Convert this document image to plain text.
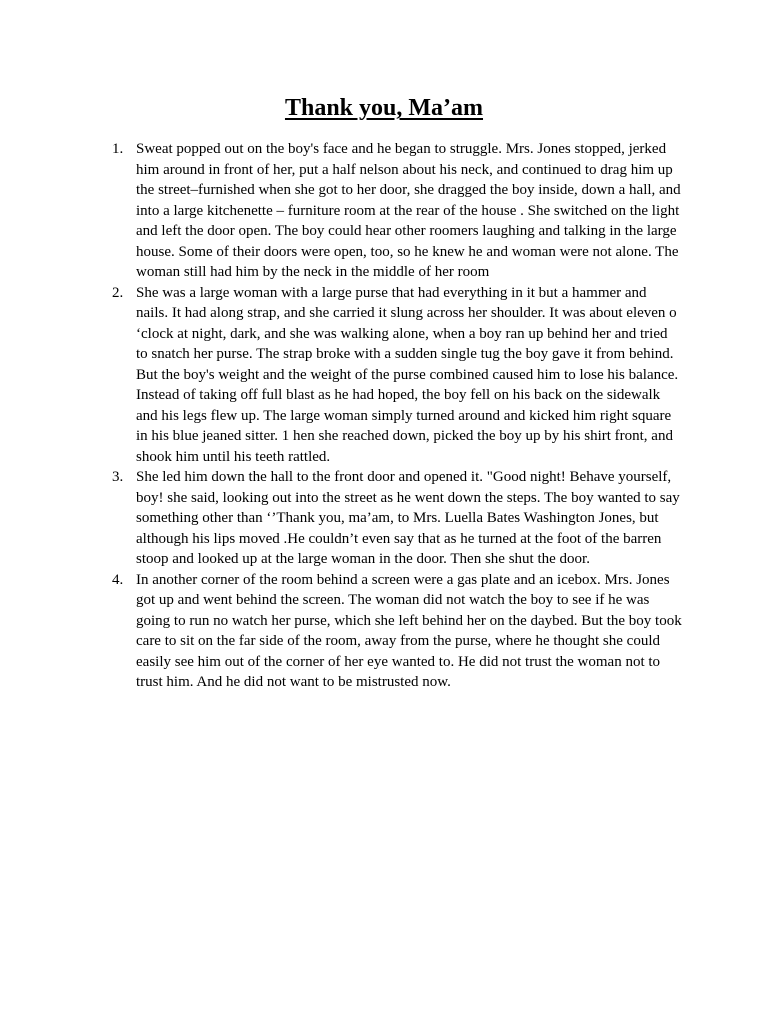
Thank you, Ma’am
1. Sweat popped out on the boy's face and he began to struggle. Mrs. Jones stopped, jerked him around in front of her, put a half nelson about his neck, and continued to drag him up the street–furnished when she got to her door, she dragged the boy inside, down a hall, and into a large kitchenette – furniture room at the rear of the house . She switched on the light and left the door open. The boy could hear other roomers laughing and talking in the large house. Some of their doors were open, too, so he knew he and woman were not alone. The woman still had him by the neck in the middle of her room
2. She was a large woman with a large purse that had everything in it but a hammer and nails. It had along strap, and she carried it slung across her shoulder. It was about eleven o ‘clock at night, dark, and she was walking alone, when a boy ran up behind her and tried to snatch her purse. The strap broke with a sudden single tug the boy gave it from behind. But the boy's weight and the weight of the purse combined caused him to lose his balance. Instead of taking off full blast as he had hoped, the boy fell on his back on the sidewalk and his legs flew up. The large woman simply turned around and kicked him right square in his blue jeaned sitter. 1 hen she reached down, picked the boy up by his shirt front, and shook him until his teeth rattled.
3. She led him down the hall to the front door and opened it. "Good night! Behave yourself, boy! she said, looking out into the street as he went down the steps. The boy wanted to say something other than ‘’Thank you, ma’am, to Mrs. Luella Bates Washington Jones, but although his lips moved .He couldn’t even say that as he turned at the foot of the barren stoop and looked up at the large woman in the door. Then she shut the door.
4. In another corner of the room behind a screen were a gas plate and an icebox. Mrs. Jones got up and went behind the screen. The woman did not watch the boy to see if he was going to run no watch her purse, which she left behind her on the daybed. But the boy took care to sit on the far side of the room, away from the purse, where he thought she could easily see him out of the corner of her eye wanted to. He did not trust the woman not to trust him. And he did not want to be mistrusted now.
